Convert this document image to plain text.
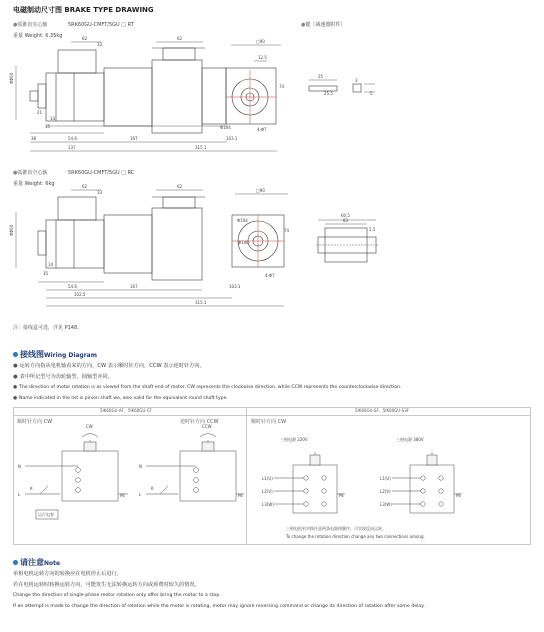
电磁制动尺寸图 BRAKE TYPE DRAWING
●弧锥齿实心轴	5RK60GU-CMFT/5GU □ RT
重量 Weight: 6.35kg
●键（减速器附件）
●弧锥齿空心轴	5RK60GU-CMFT/5GU □ RC
重量 Weight: 6kg
62	62
33
□90
12.5
74
21
35
14
38	54.6	167	103.1
137	315.1
Φ104	4-Φ7
25
25.5
3
5
62	62
33	□90
74
35
14
54.6	167	103.1
102.5
315.1
Φ104
Φ148
4-Φ7
60.5
83
5.5
ΦΦ60
ΦΦ60
注：接线盒可选，详见 P148。
接线图Wiring Diagram
● 运转方向指从电机轴看来的方向。CW 表示顺时针方向，CCW 表示逆时针方向。
● 表中所记型号为齿轮轴型，圆轴型亦同。
● The direction of motor rotation is as viewed from the shaft end of motor. CW represents the clockwise direction, while CCW represents the counterclockwise direction.
● Name indicated in the list is pinion shaft we, also valid for the equivalent round shaft type.
5IK60GU-AF、5IK60GU-CF	5IK60GU-SF、5IK60GU-S3F
顺时针方向 CW	逆时针方向 CCW	顺时针方向 CW
CW	CCW
N
L
K
PE
N
L
K
PE
运行电容
三相电源 220V	三相电源 380V
L1(U)
L2(V)
L3(W)
PE
L1(U)
L2(V)
L3(W)
PE
三相电机若对换任意两条电源线顺序，可实现反向运转。
To change the rotation direction change any two connections among.
请注意Note
单相电机运转方向的转换应在电机停止后进行。
若在电机运转时转换运转方向，可能发生无法转换运转方向或须费时较久的情况。
Change the direction of single-phase motor rotation only after bring the motor to a stop.
If an attempt is made to change the direction of rotation while the motor is rotating, motor may ignore reversing command or change its direction of rotation after some delay.
